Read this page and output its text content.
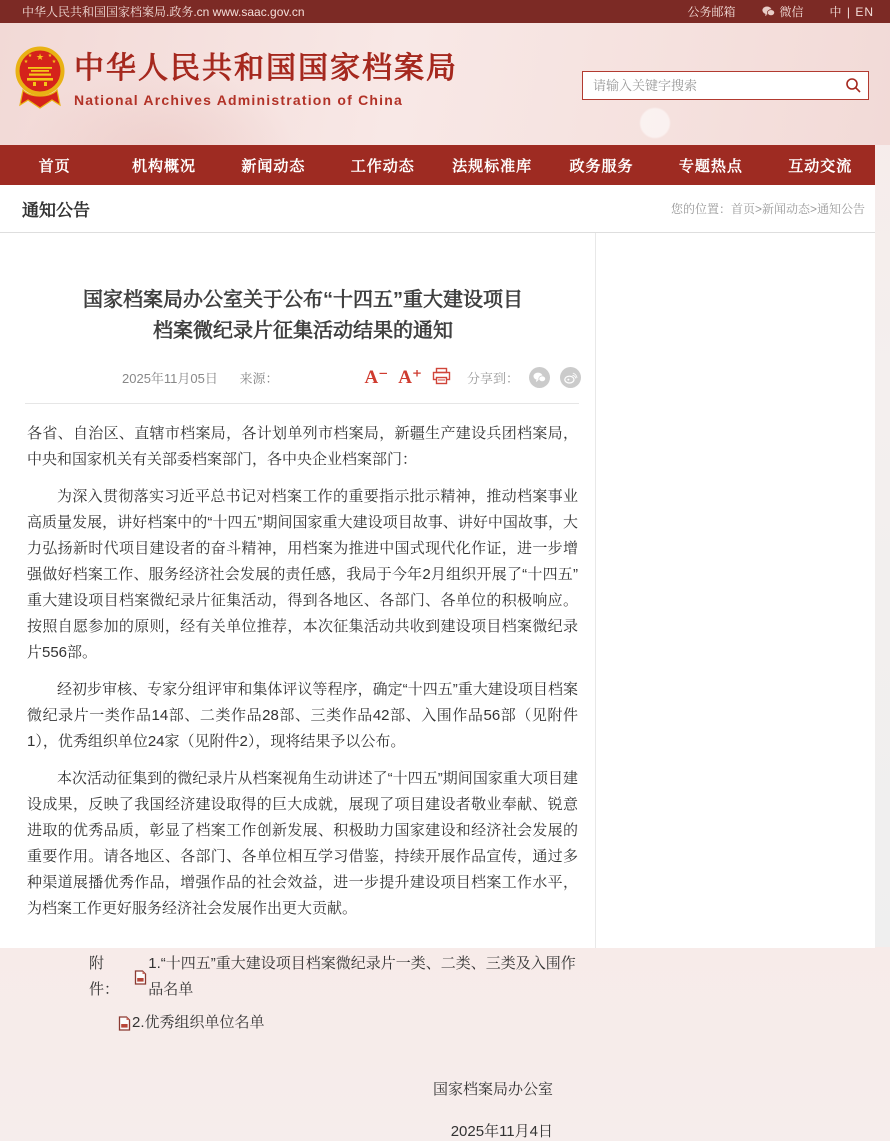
中华人民共和国国家档案局.政务.cn www.saac.gov.cn	公务邮箱	微信 中 | EN
★
★	★
★	★ 中华人民共和国国家档案局
National Archives Administration of China
请输入关键字搜索
首页	机构概况	新闻动态	工作动态	法规标准库	政务服务	专题热点	互动交流
通知公告	您的位置：首页>新闻动态>通知公告
国家档案局办公室关于公布“十四五”重大建设项目
档案微纪录片征集活动结果的通知
2025年11月05日 来源：	A⁻ A⁺	分享到：

各省、自治区、直辖市档案局，各计划单列市档案局，新疆生产建设兵团档案局，中央和国家机关有关部委档案部门，各中央企业档案部门：

为深入贯彻落实习近平总书记对档案工作的重要指示批示精神，推动档案事业高质量发展，讲好档案中的“十四五”期间国家重大建设项目故事、讲好中国故事，大力弘扬新时代项目建设者的奋斗精神，用档案为推进中国式现代化作证，进一步增强做好档案工作、服务经济社会发展的责任感，我局于今年2月组织开展了“十四五”重大建设项目档案微纪录片征集活动，得到各地区、各部门、各单位的积极响应。按照自愿参加的原则，经有关单位推荐，本次征集活动共收到建设项目档案微纪录片556部。

经初步审核、专家分组评审和集体评议等程序，确定“十四五”重大建设项目档案微纪录片一类作品14部、二类作品28部、三类作品42部、入围作品56部（见附件1），优秀组织单位24家（见附件2），现将结果予以公布。

本次活动征集到的微纪录片从档案视角生动讲述了“十四五”期间国家重大项目建设成果，反映了我国经济建设取得的巨大成就，展现了项目建设者敬业奉献、锐意进取的优秀品质，彰显了档案工作创新发展、积极助力国家建设和经济社会发展的重要作用。请各地区、各部门、各单位相互学习借鉴，持续开展作品宣传，通过多种渠道展播优秀作品，增强作品的社会效益，进一步提升建设项目档案工作水平，为档案工作更好服务经济社会发展作出更大贡献。

附件：
1.“十四五”重大建设项目档案微纪录片一类、二类、三类及入围作品名单
2.优秀组织单位名单
国家档案局办公室
2025年11月4日
